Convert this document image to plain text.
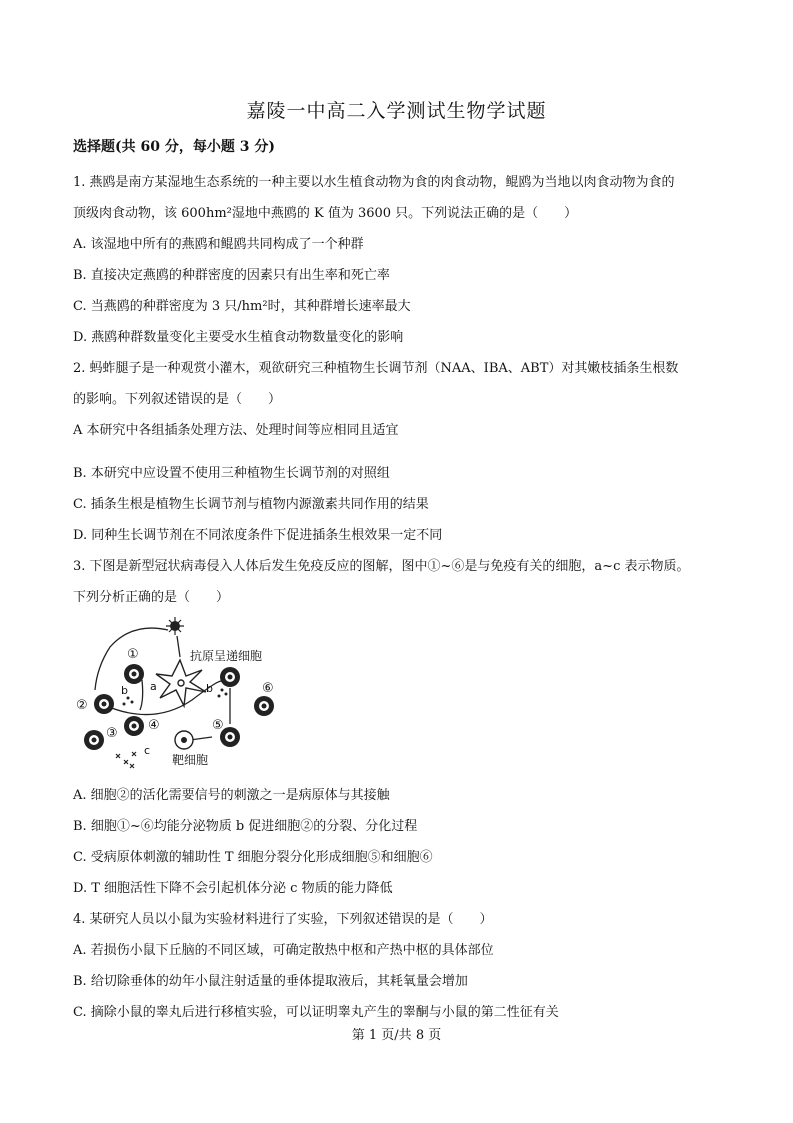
嘉陵一中高二入学测试生物学试题
选择题(共 60 分，每小题 3 分)
1. 燕鸥是南方某湿地生态系统的一种主要以水生植食动物为食的肉食动物，鲲鸥为当地以肉食动物为食的
顶级肉食动物，该 600hm²湿地中燕鸥的 K 值为 3600 只。下列说法正确的是（　　）
A. 该湿地中所有的燕鸥和鲲鸥共同构成了一个种群
B. 直接决定燕鸥的种群密度的因素只有出生率和死亡率
C. 当燕鸥的种群密度为 3 只/hm²时，其种群增长速率最大
D. 燕鸥种群数量变化主要受水生植食动物数量变化的影响
2. 蚂蚱腿子是一种观赏小灌木，观欲研究三种植物生长调节剂（NAA、IBA、ABT）对其嫩枝插条生根数
的影响。下列叙述错误的是（　　）
A 本研究中各组插条处理方法、处理时间等应相同且适宜
B. 本研究中应设置不使用三种植物生长调节剂的对照组
C. 插条生根是植物生长调节剂与植物内源激素共同作用的结果
D. 同种生长调节剂在不同浓度条件下促进插条生根效果一定不同
3. 下图是新型冠状病毒侵入人体后发生免疫反应的图解，图中①~⑥是与免疫有关的细胞，a~c 表示物质。
下列分析正确的是（　　）
抗原呈递细胞
①
②
③
④	⑤
⑥
靶细胞
b a	b
c
A. 细胞②的活化需要信号的刺激之一是病原体与其接触
B. 细胞①~⑥均能分泌物质 b 促进细胞②的分裂、分化过程
C. 受病原体刺激的辅助性 T 细胞分裂分化形成细胞⑤和细胞⑥
D. T 细胞活性下降不会引起机体分泌 c 物质的能力降低
4. 某研究人员以小鼠为实验材料进行了实验，下列叙述错误的是（　　）
A. 若损伤小鼠下丘脑的不同区域，可确定散热中枢和产热中枢的具体部位
B. 给切除垂体的幼年小鼠注射适量的垂体提取液后，其耗氧量会增加
C. 摘除小鼠的睾丸后进行移植实验，可以证明睾丸产生的睾酮与小鼠的第二性征有关
第 1 页/共 8 页
